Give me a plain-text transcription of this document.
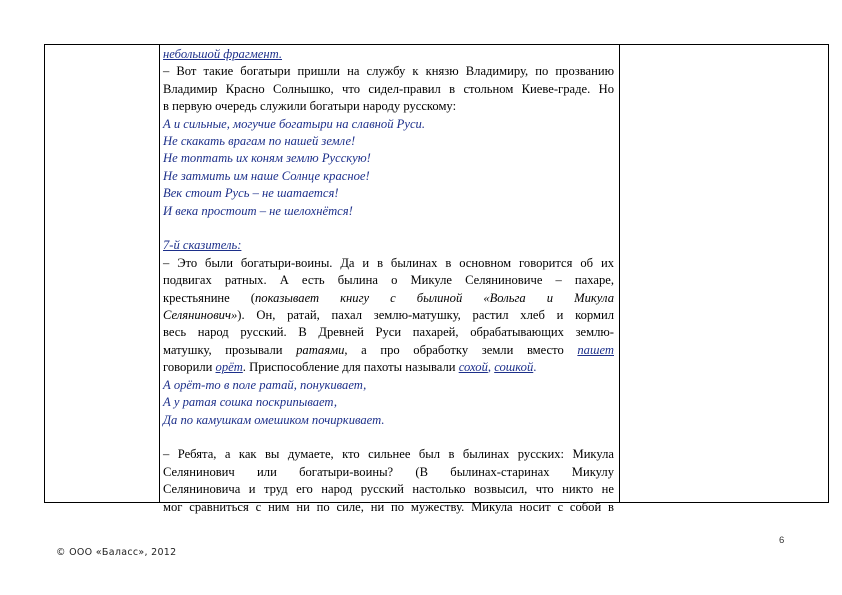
небольшой фрагмент.

– Вот такие богатыри пришли на службу к князю Владимиру, по прозванию

Владимир Красно Солнышко, что сидел-правил в стольном Киеве-граде. Но

в первую очередь служили богатыри народу русскому:

А и сильные, могучие богатыри на славной Руси.

Не скакать врагам по нашей земле!

Не топтать их коням землю Русскую!

Не затмить им наше Солнце красное!

Век стоит Русь – не шатается!

И века простоит – не шелохнётся!

7-й сказитель:

– Это были богатыри-воины. Да и в былинах в основном говорится об их

подвигах ратных. А есть былина о Микуле Селяниновиче – пахаре,

крестьянине (показывает книгу с былиной «Вольга и Микула

Селянинович»). Он, ратай, пахал землю-матушку, растил хлеб и кормил

весь народ русский. В Древней Руси пахарей, обрабатывающих землю-

матушку, прозывали ратаями, а про обработку земли вместо пашет

говорили орёт. Приспособление для пахоты называли сохой, сошкой.

А орёт-то в поле ратай, понукивает,

А у ратая сошка поскрипывает,

Да по камушкам омешиком почиркивает.

– Ребята, а как вы думаете, кто сильнее был в былинах русских: Микула

Селянинович или богатыри-воины? (В былинах-старинах Микулу

Селяниновича и труд его народ русский настолько возвысил, что никто не

мог сравниться с ним ни по силе, ни по мужеству. Микула носит с собой в

6
© ООО «Баласс», 2012
